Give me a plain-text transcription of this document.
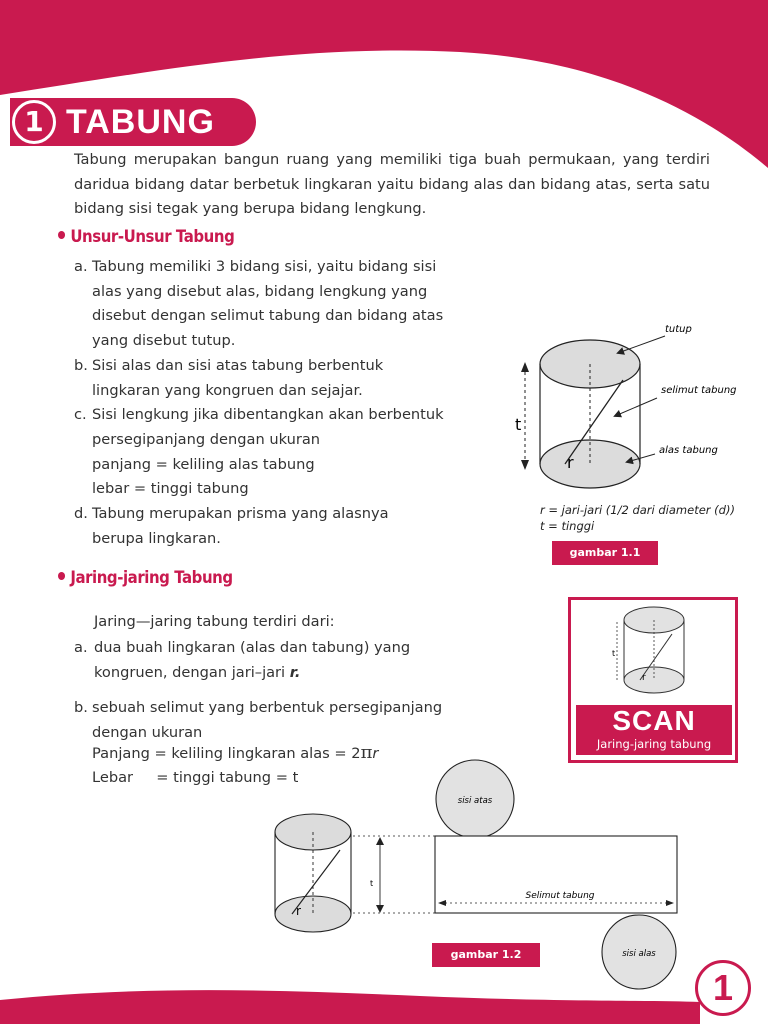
1 TABUNG
Tabung merupakan bangun ruang yang memiliki tiga buah permukaan, yang terdiri daridua bidang datar berbetuk lingkaran yaitu bidang alas dan bidang atas, serta satu bidang sisi tegak yang berupa bidang lengkung.
Unsur-Unsur Tabung
a. Tabung memiliki 3 bidang sisi, yaitu bidang sisi
alas yang disebut alas, bidang lengkung yang
disebut dengan selimut tabung dan bidang atas
yang disebut tutup.
b. Sisi alas dan sisi atas tabung berbentuk
lingkaran yang kongruen dan sejajar.
c. Sisi lengkung jika dibentangkan akan berbentuk
persegipanjang dengan ukuran
panjang = keliling alas tabung
lebar = tinggi tabung
d. Tabung merupakan prisma yang alasnya
berupa lingkaran.
tutup
selimut tabung
alas tabung
t
r
r = jari-jari (1/2 dari diameter (d))
t = tinggi
gambar 1.1
Jaring-jaring Tabung
Jaring—jaring tabung terdiri dari:
a. dua buah lingkaran (alas dan tabung) yang
kongruen, dengan jari–jari r.
b. sebuah selimut yang berbentuk persegipanjang
dengan ukuran
Panjang = keliling lingkaran alas = 2πr
Lebar     = tinggi tabung = t
t
r
SCAN
Jaring-jaring tabung
r
t
sisi atas
Selimut tabung
sisi alas
gambar 1.2
1
